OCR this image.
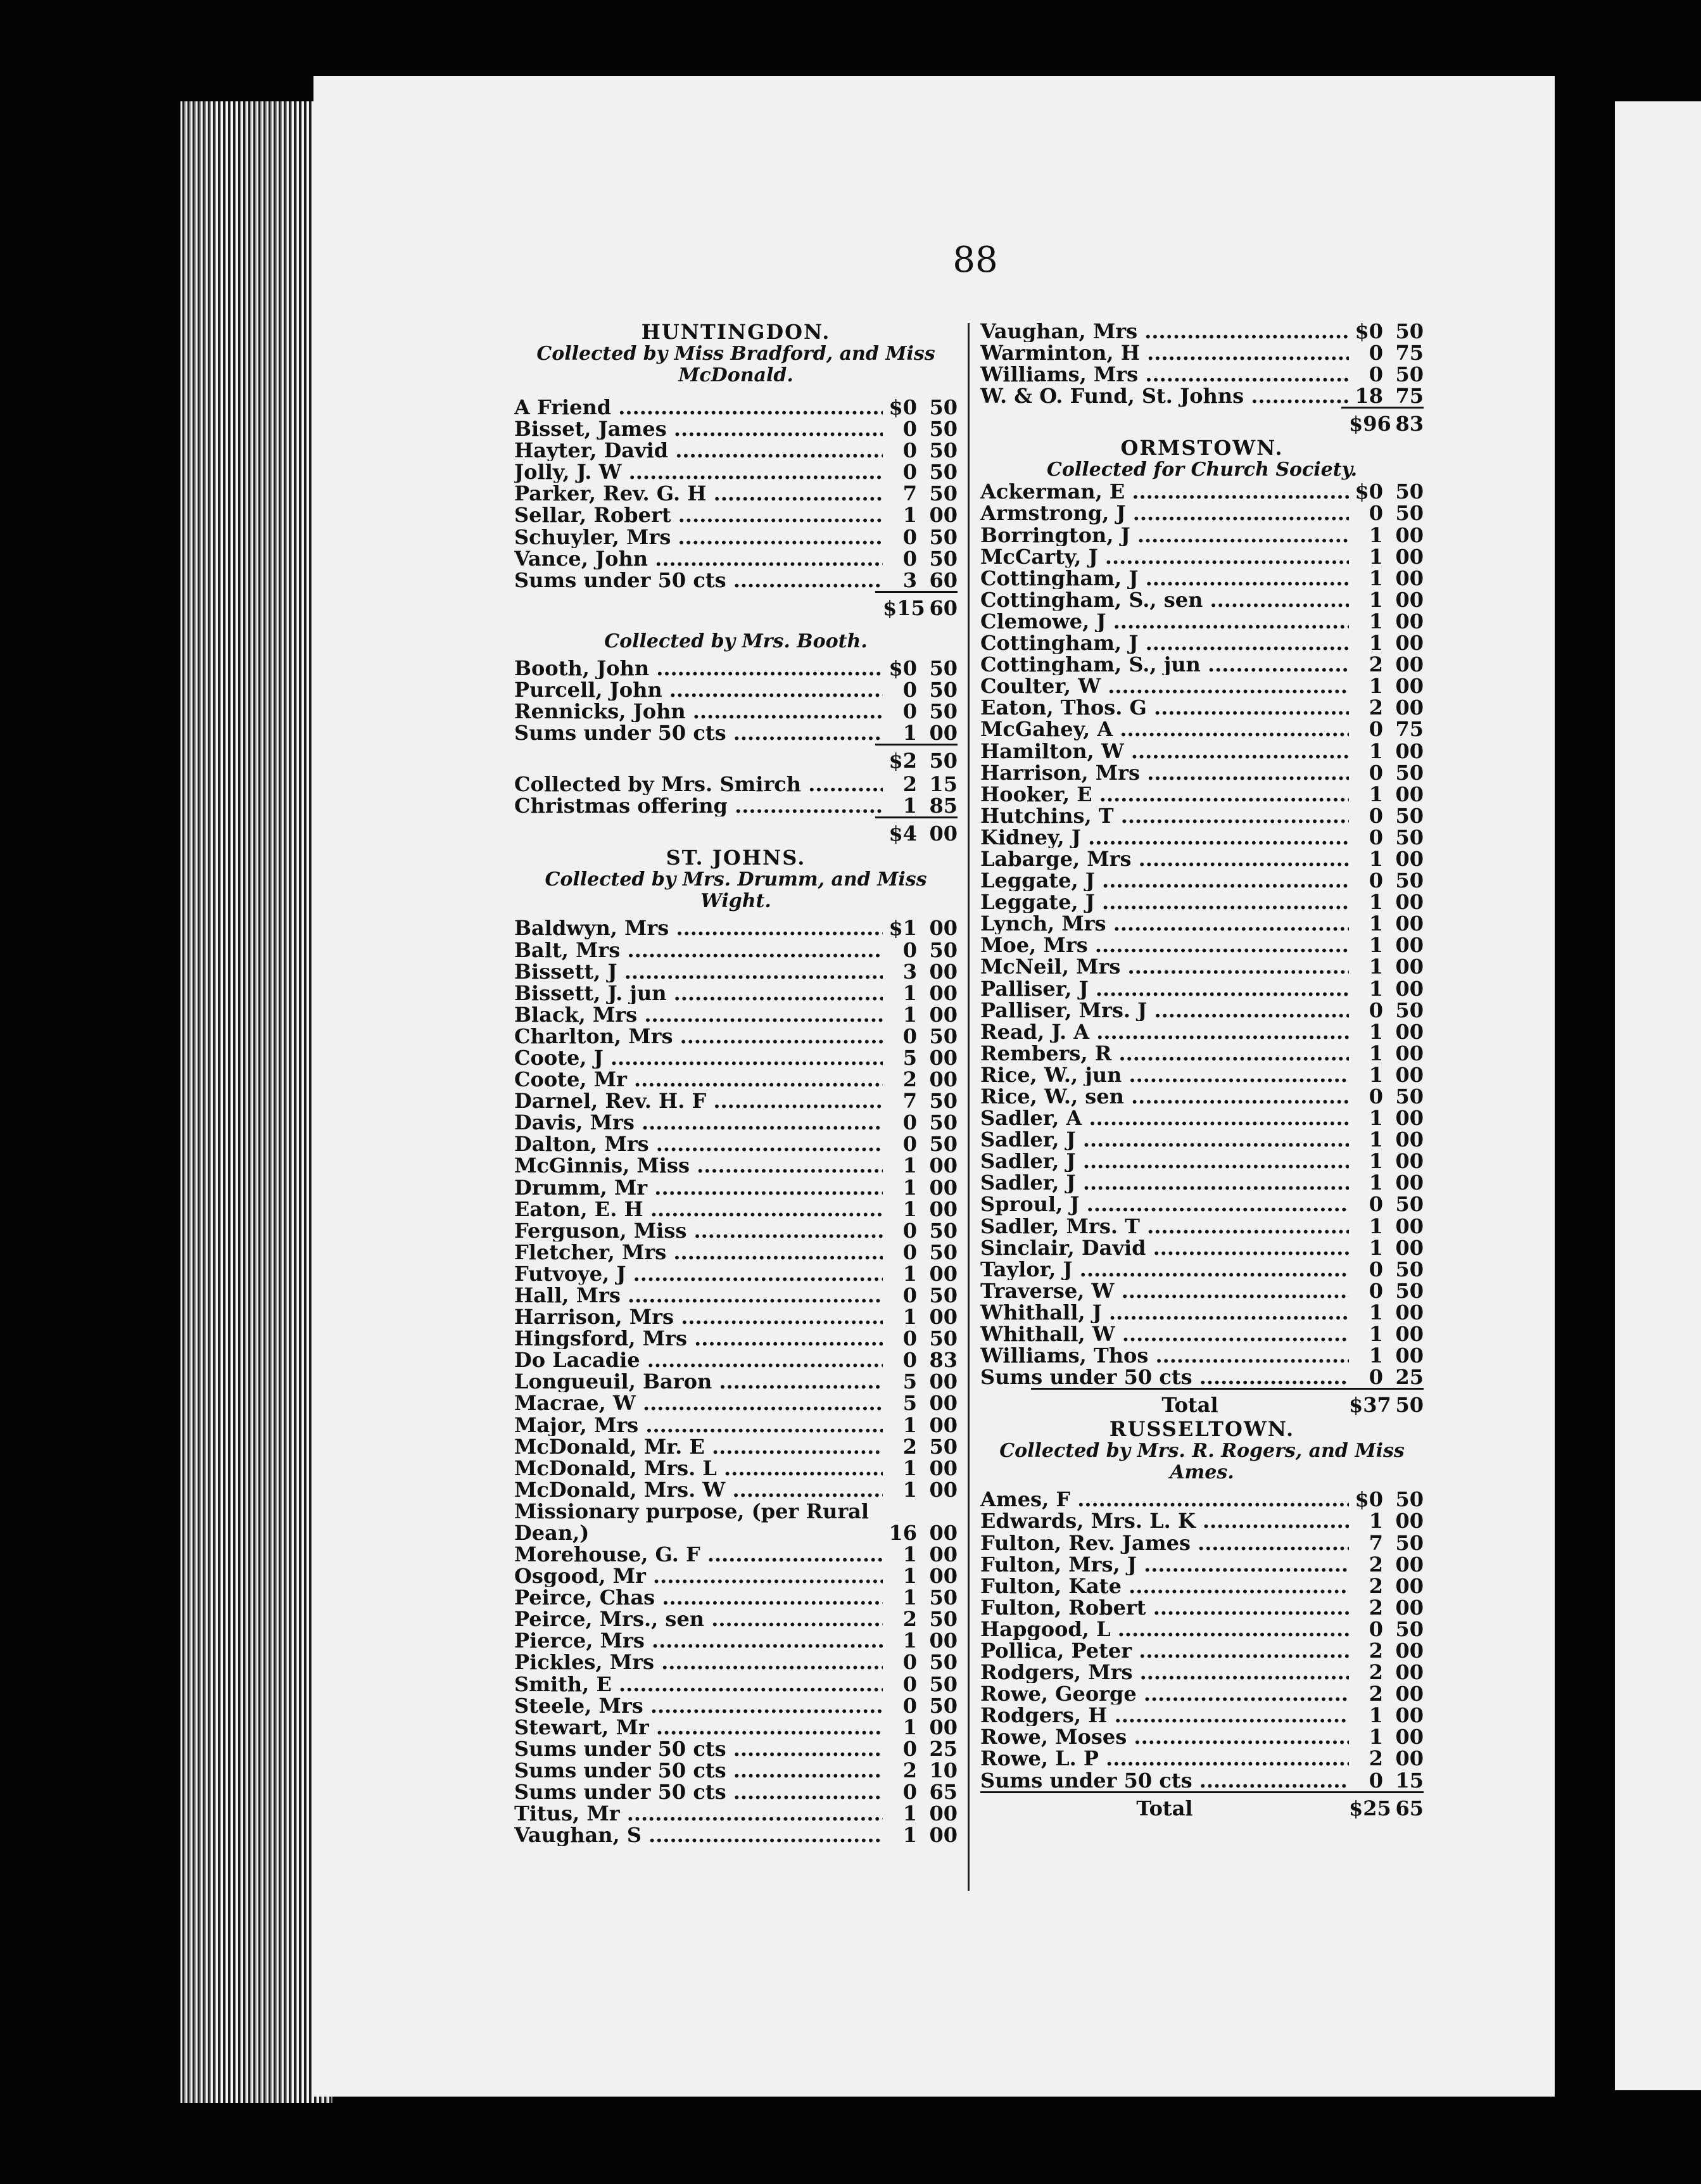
88
HUNTINGDON.
Collected by Miss Bradford, and Miss McDonald.
A Friend .....	$0 50
Bisset, James .....	0 50
Hayter, David .....	0 50
Jolly, J. W .....	0 50
Parker, Rev. G. H .....	7 50
Sellar, Robert .....	1 00
Schuyler, Mrs .....	0 50
Vance, John .....	0 50
Sums under 50 cts .....	3 60
$15 60
Collected by Mrs. Booth.
Booth, John .....	$0 50
Purcell, John .....	0 50
Rennicks, John .....	0 50
Sums under 50 cts .....	1 00
$2 50
Collected by Mrs. Smirch .....	2 15
Christmas offering .....	1 85
$4 00
ST. JOHNS.
Collected by Mrs. Drumm, and Miss Wight.
Baldwyn, Mrs .....	$1 00
Balt, Mrs .....	0 50
Bissett, J .....	3 00
Bissett, J. jun .....	1 00
Black, Mrs .....	1 00
Charlton, Mrs .....	0 50
Coote, J .....	5 00
Coote, Mr .....	2 00
Darnel, Rev. H. F .....	7 50
Davis, Mrs .....	0 50
Dalton, Mrs .....	0 50
McGinnis, Miss .....	1 00
Drumm, Mr .....	1 00
Eaton, E. H .....	1 00
Ferguson, Miss .....	0 50
Fletcher, Mrs .....	0 50
Futvoye, J .....	1 00
Hall, Mrs .....	0 50
Harrison, Mrs .....	1 00
Hingsford, Mrs .....	0 50
Do Lacadie .....	0 83
Longueuil, Baron .....	5 00
Macrae, W .....	5 00
Major, Mrs .....	1 00
McDonald, Mr. E .....	2 50
McDonald, Mrs. L .....	1 00
McDonald, Mrs. W .....	1 00
Missionary purpose, (per Rural Dean,)	16 00
Morehouse, G. F .....	1 00
Osgood, Mr .....	1 00
Peirce, Chas .....	1 50
Peirce, Mrs., sen .....	2 50
Pierce, Mrs .....	1 00
Pickles, Mrs .....	0 50
Smith, E .....	0 50
Steele, Mrs .....	0 50
Stewart, Mr .....	1 00
Sums under 50 cts .....	0 25
Sums under 50 cts .....	2 10
Sums under 50 cts .....	0 65
Titus, Mr .....	1 00
Vaughan, S .....	1 00
Vaughan, Mrs .....	$0 50
Warminton, H .....	0 75
Williams, Mrs .....	0 50
W. & O. Fund, St. Johns .....	18 75
$96 83
ORMSTOWN.
Collected for Church Society.
Ackerman, E .....	$0 50
Armstrong, J .....	0 50
Borrington, J .....	1 00
McCarty, J .....	1 00
Cottingham, J .....	1 00
Cottingham, S., sen .....	1 00
Clemowe, J .....	1 00
Cottingham, J .....	1 00
Cottingham, S., jun .....	2 00
Coulter, W .....	1 00
Eaton, Thos. G .....	2 00
McGahey, A .....	0 75
Hamilton, W .....	1 00
Harrison, Mrs .....	0 50
Hooker, E .....	1 00
Hutchins, T .....	0 50
Kidney, J .....	0 50
Labarge, Mrs .....	1 00
Leggate, J .....	0 50
Leggate, J .....	1 00
Lynch, Mrs .....	1 00
Moe, Mrs .....	1 00
McNeil, Mrs .....	1 00
Palliser, J .....	1 00
Palliser, Mrs. J .....	0 50
Read, J. A .....	1 00
Rembers, R .....	1 00
Rice, W., jun .....	1 00
Rice, W., sen .....	0 50
Sadler, A .....	1 00
Sadler, J .....	1 00
Sadler, J .....	1 00
Sadler, J .....	1 00
Sproul, J .....	0 50
Sadler, Mrs. T .....	1 00
Sinclair, David .....	1 00
Taylor, J .....	0 50
Traverse, W .....	0 50
Whithall, J .....	1 00
Whithall, W .....	1 00
Williams, Thos .....	1 00
Sums under 50 cts .....	0 25
Total	$37 50
RUSSELTOWN.
Collected by Mrs. R. Rogers, and Miss Ames.
Ames, F .....	$0 50
Edwards, Mrs. L. K .....	1 00
Fulton, Rev. James .....	7 50
Fulton, Mrs, J .....	2 00
Fulton, Kate .....	2 00
Fulton, Robert .....	2 00
Hapgood, L .....	0 50
Pollica, Peter .....	2 00
Rodgers, Mrs .....	2 00
Rowe, George .....	2 00
Rodgers, H .....	1 00
Rowe, Moses .....	1 00
Rowe, L. P .....	2 00
Sums under 50 cts .....	0 15
Total	$25 65
